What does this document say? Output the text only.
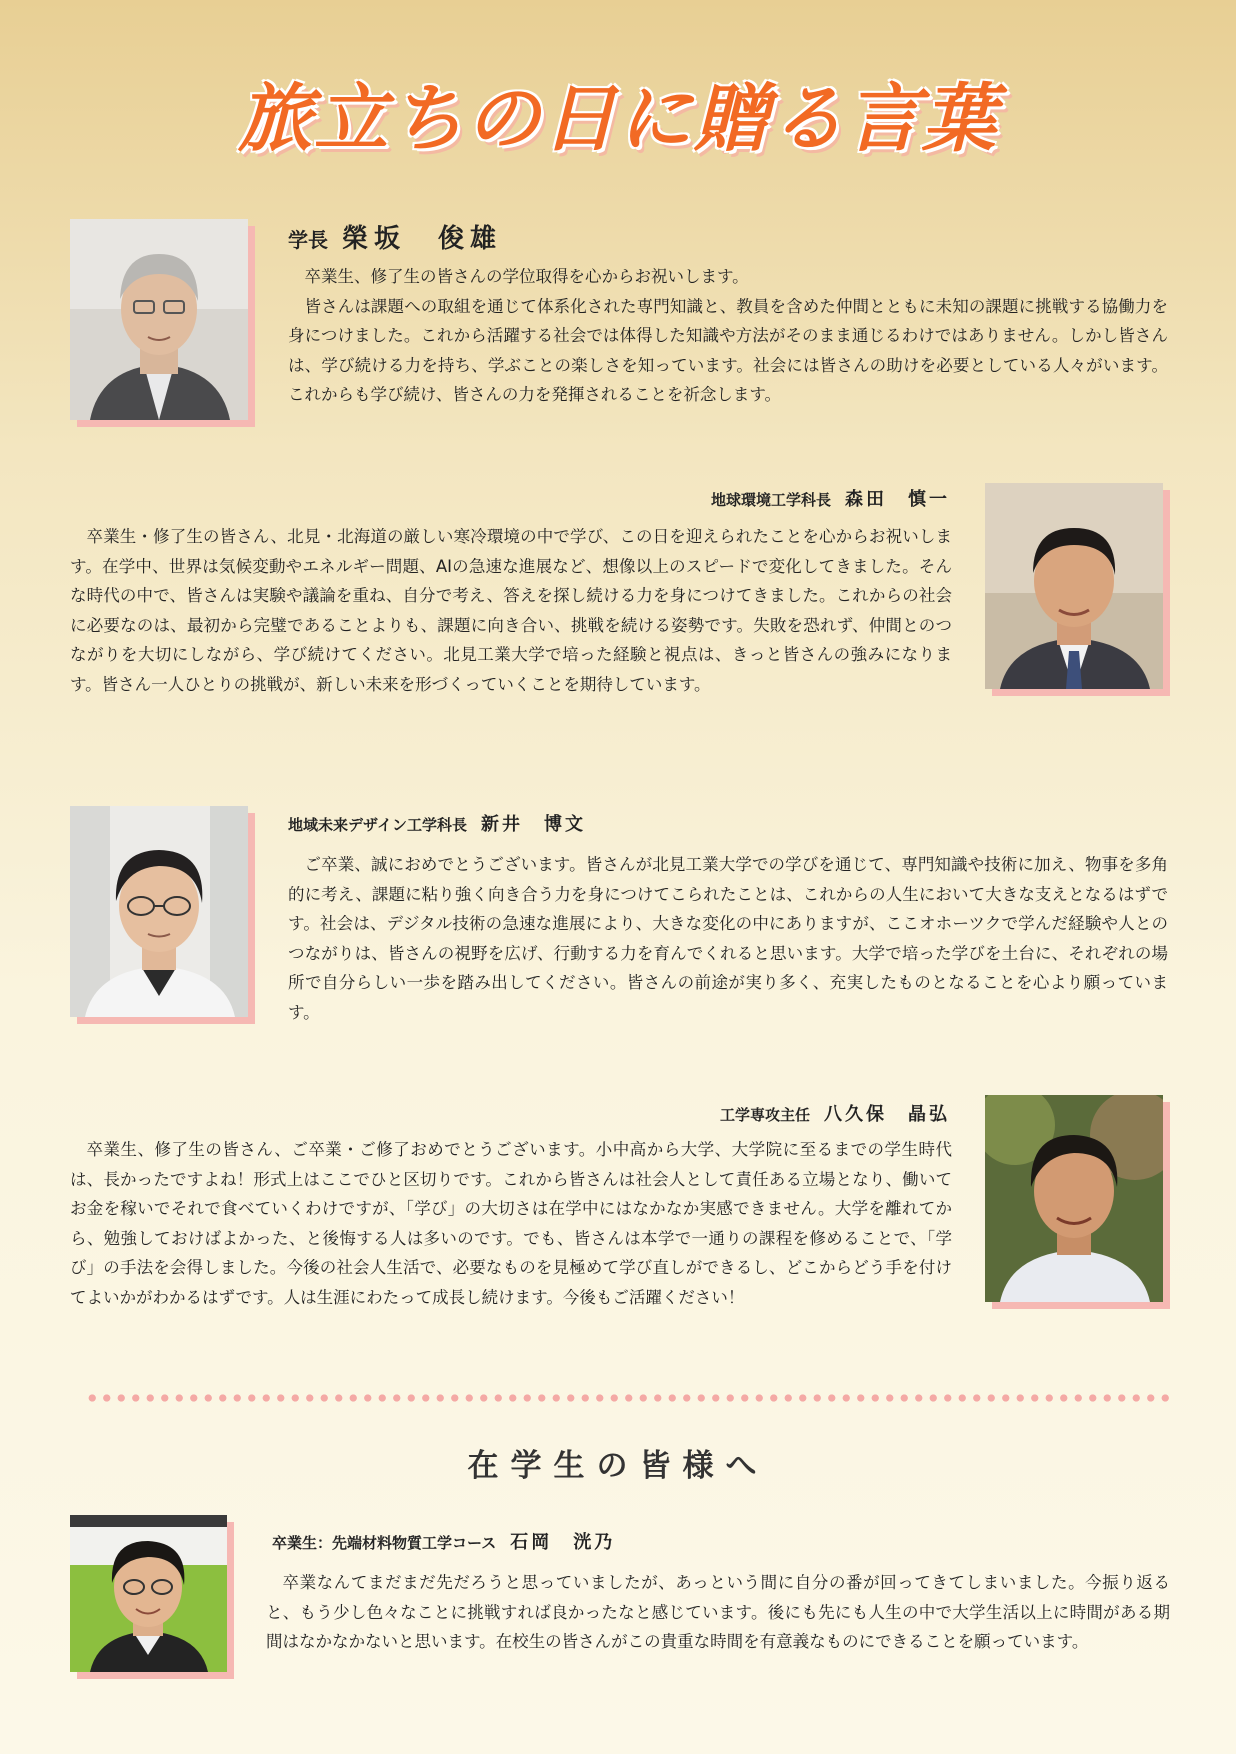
旅立ちの日に贈る言葉
学長 榮坂　俊雄

卒業生、修了生の皆さんの学位取得を心からお祝いします。

皆さんは課題への取組を通じて体系化された専門知識と、教員を含めた仲間とともに未知の課題に挑戦する協働力を身につけました。これから活躍する社会では体得した知識や方法がそのまま通じるわけではありません。しかし皆さんは、学び続ける力を持ち、学ぶことの楽しさを知っています。社会には皆さんの助けを必要としている人々がいます。これからも学び続け、皆さんの力を発揮されることを祈念します。

地球環境工学科長 森田　慎一

卒業生・修了生の皆さん、北見・北海道の厳しい寒冷環境の中で学び、この日を迎えられたことを心からお祝いします。在学中、世界は気候変動やエネルギー問題、AIの急速な進展など、想像以上のスピードで変化してきました。そんな時代の中で、皆さんは実験や議論を重ね、自分で考え、答えを探し続ける力を身につけてきました。これからの社会に必要なのは、最初から完璧であることよりも、課題に向き合い、挑戦を続ける姿勢です。失敗を恐れず、仲間とのつながりを大切にしながら、学び続けてください。北見工業大学で培った経験と視点は、きっと皆さんの強みになります。皆さん一人ひとりの挑戦が、新しい未来を形づくっていくことを期待しています。

地域未来デザイン工学科長 新井　博文

ご卒業、誠におめでとうございます。皆さんが北見工業大学での学びを通じて、専門知識や技術に加え、物事を多角的に考え、課題に粘り強く向き合う力を身につけてこられたことは、これからの人生において大きな支えとなるはずです。社会は、デジタル技術の急速な進展により、大きな変化の中にありますが、ここオホーツクで学んだ経験や人とのつながりは、皆さんの視野を広げ、行動する力を育んでくれると思います。大学で培った学びを土台に、それぞれの場所で自分らしい一歩を踏み出してください。皆さんの前途が実り多く、充実したものとなることを心より願っています。

工学専攻主任 八久保　晶弘

卒業生、修了生の皆さん、ご卒業・ご修了おめでとうございます。小中高から大学、大学院に至るまでの学生時代は、長かったですよね！形式上はここでひと区切りです。これから皆さんは社会人として責任ある立場となり、働いてお金を稼いでそれで食べていくわけですが、「学び」の大切さは在学中にはなかなか実感できません。大学を離れてから、勉強しておけばよかった、と後悔する人は多いのです。でも、皆さんは本学で一通りの課程を修めることで、「学び」の手法を会得しました。今後の社会人生活で、必要なものを見極めて学び直しができるし、どこからどう手を付けてよいかがわかるはずです。人は生涯にわたって成長し続けます。今後もご活躍ください！

在学生の皆様へ
卒業生：先端材料物質工学コース 石岡　洸乃

卒業なんてまだまだ先だろうと思っていましたが、あっという間に自分の番が回ってきてしまいました。今振り返ると、もう少し色々なことに挑戦すれば良かったなと感じています。後にも先にも人生の中で大学生活以上に時間がある期間はなかなかないと思います。在校生の皆さんがこの貴重な時間を有意義なものにできることを願っています。
